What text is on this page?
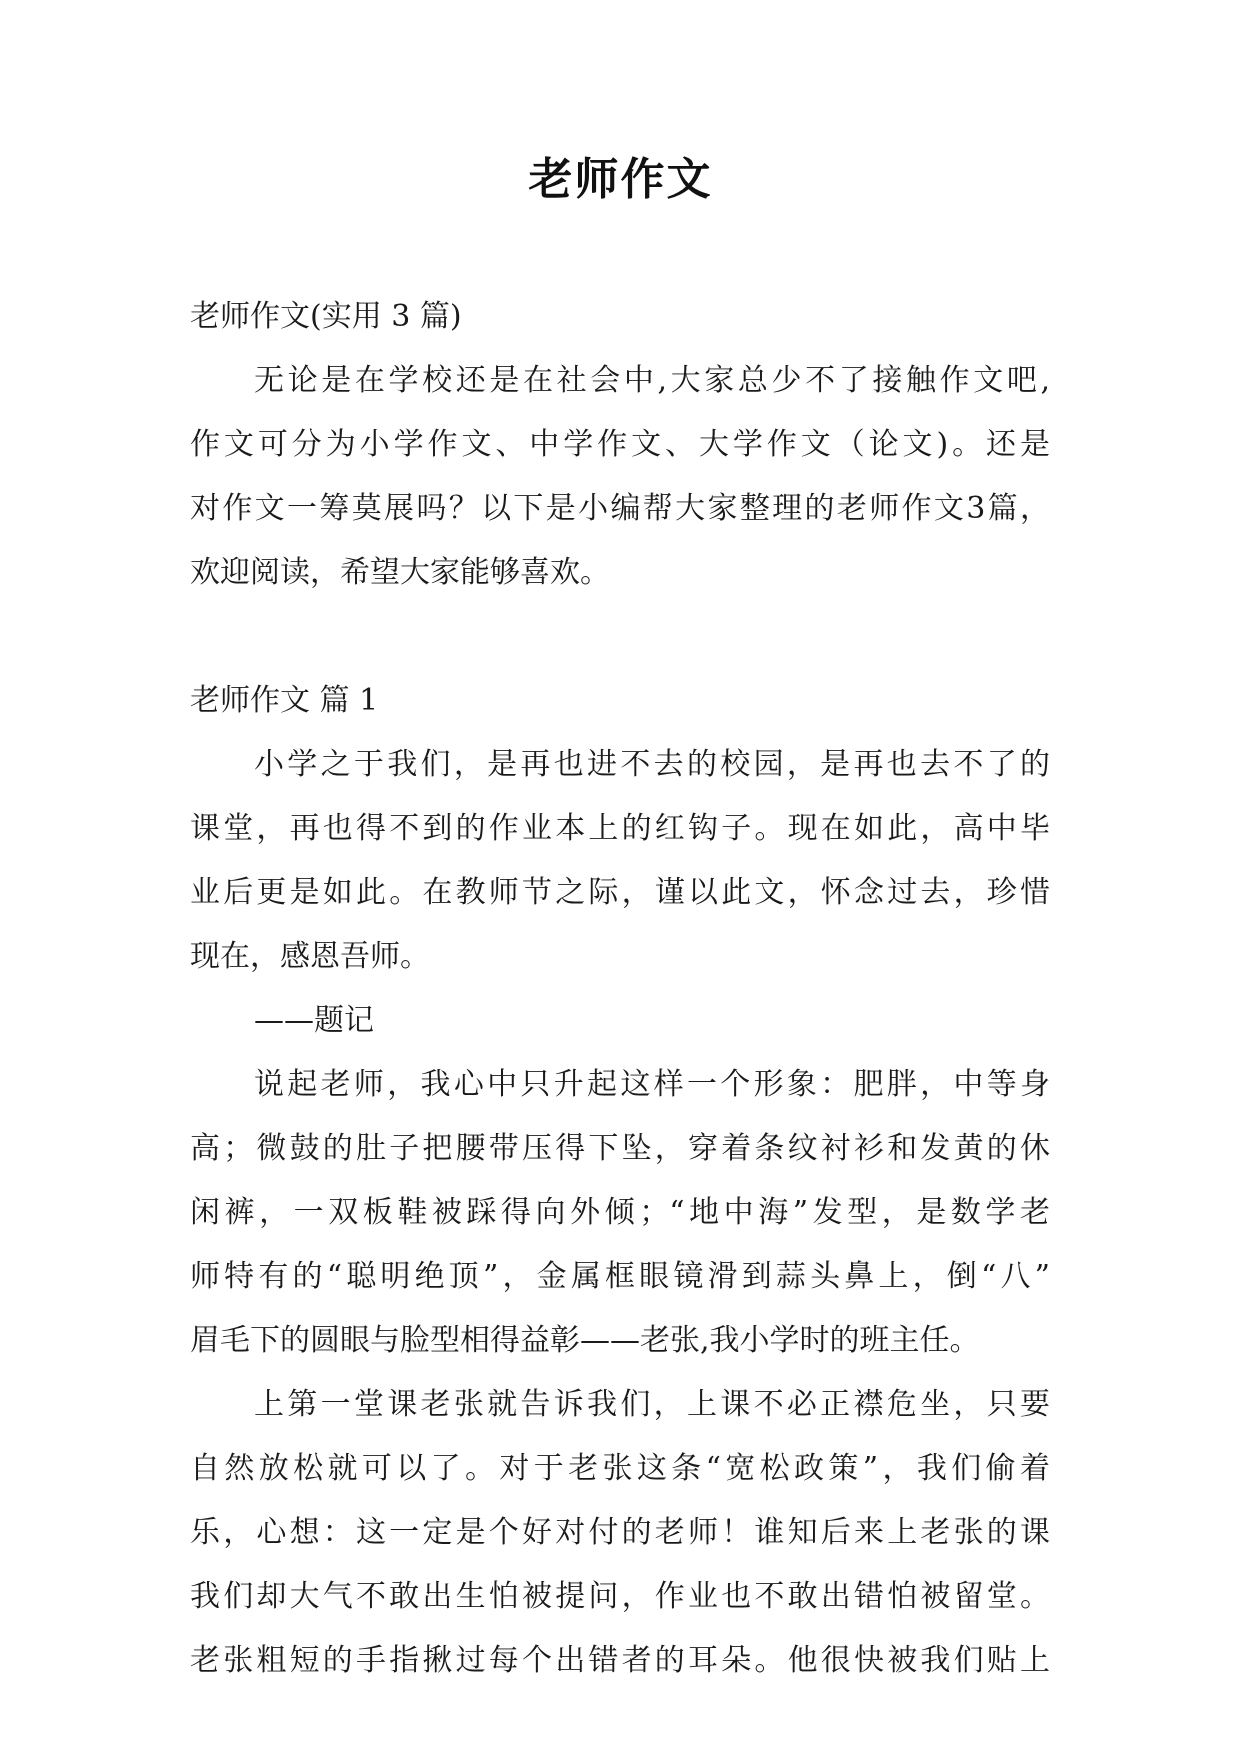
老师作文
老师作文(实用 3 篇)
无论是在学校还是在社会中,大家总少不了接触作文吧,
作文可分为小学作文、中学作文、大学作文（论文)。还是
对作文一筹莫展吗？以下是小编帮大家整理的老师作文3篇，
欢迎阅读，希望大家能够喜欢。
老师作文 篇 1
小学之于我们，是再也进不去的校园，是再也去不了的
课堂，再也得不到的作业本上的红钩子。现在如此，高中毕
业后更是如此。在教师节之际，谨以此文，怀念过去，珍惜
现在，感恩吾师。
——题记
说起老师，我心中只升起这样一个形象：肥胖，中等身
高；微鼓的肚子把腰带压得下坠，穿着条纹衬衫和发黄的休
闲裤，一双板鞋被踩得向外倾；“地中海”发型，是数学老
师特有的“聪明绝顶”，金属框眼镜滑到蒜头鼻上，倒“八”
眉毛下的圆眼与脸型相得益彰——老张,我小学时的班主任。
上第一堂课老张就告诉我们，上课不必正襟危坐，只要
自然放松就可以了。对于老张这条“宽松政策”，我们偷着
乐，心想：这一定是个好对付的老师！谁知后来上老张的课
我们却大气不敢出生怕被提问，作业也不敢出错怕被留堂。
老张粗短的手指揪过每个出错者的耳朵。他很快被我们贴上
